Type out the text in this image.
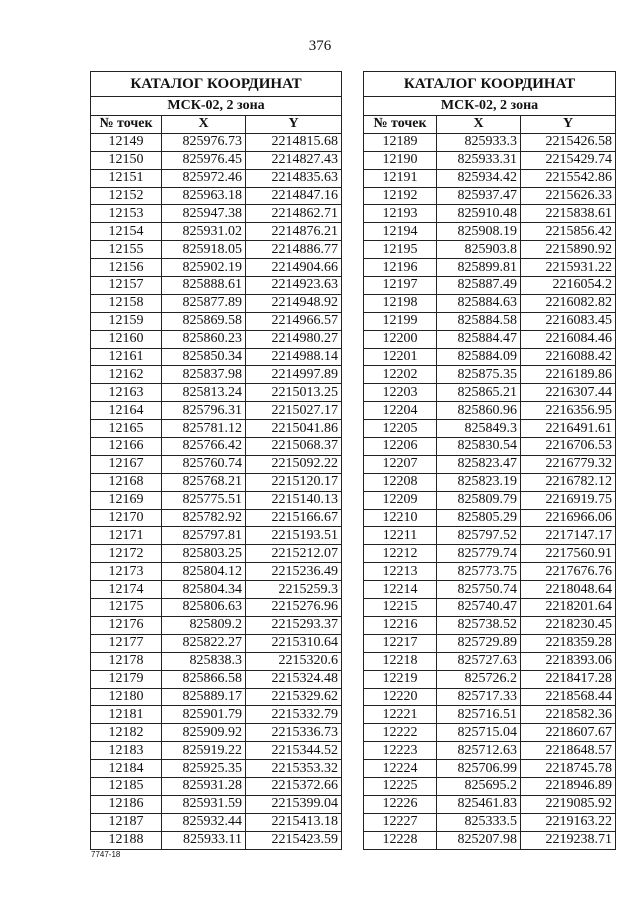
376
КАТАЛОГ КООРДИНАТ		
МСК-02, 2 зона		
№ точек	X	Y
12149	825976.73	2214815.68
12150	825976.45	2214827.43
12151	825972.46	2214835.63
12152	825963.18	2214847.16
12153	825947.38	2214862.71
12154	825931.02	2214876.21
12155	825918.05	2214886.77
12156	825902.19	2214904.66
12157	825888.61	2214923.63
12158	825877.89	2214948.92
12159	825869.58	2214966.57
12160	825860.23	2214980.27
12161	825850.34	2214988.14
12162	825837.98	2214997.89
12163	825813.24	2215013.25
12164	825796.31	2215027.17
12165	825781.12	2215041.86
12166	825766.42	2215068.37
12167	825760.74	2215092.22
12168	825768.21	2215120.17
12169	825775.51	2215140.13
12170	825782.92	2215166.67
12171	825797.81	2215193.51
12172	825803.25	2215212.07
12173	825804.12	2215236.49
12174	825804.34	2215259.3
12175	825806.63	2215276.96
12176	825809.2	2215293.37
12177	825822.27	2215310.64
12178	825838.3	2215320.6
12179	825866.58	2215324.48
12180	825889.17	2215329.62
12181	825901.79	2215332.79
12182	825909.92	2215336.73
12183	825919.22	2215344.52
12184	825925.35	2215353.32
12185	825931.28	2215372.66
12186	825931.59	2215399.04
12187	825932.44	2215413.18
12188	825933.11	2215423.59
КАТАЛОГ КООРДИНАТ		
МСК-02, 2 зона		
№ точек	X	Y
12189	825933.3	2215426.58
12190	825933.31	2215429.74
12191	825934.42	2215542.86
12192	825937.47	2215626.33
12193	825910.48	2215838.61
12194	825908.19	2215856.42
12195	825903.8	2215890.92
12196	825899.81	2215931.22
12197	825887.49	2216054.2
12198	825884.63	2216082.82
12199	825884.58	2216083.45
12200	825884.47	2216084.46
12201	825884.09	2216088.42
12202	825875.35	2216189.86
12203	825865.21	2216307.44
12204	825860.96	2216356.95
12205	825849.3	2216491.61
12206	825830.54	2216706.53
12207	825823.47	2216779.32
12208	825823.19	2216782.12
12209	825809.79	2216919.75
12210	825805.29	2216966.06
12211	825797.52	2217147.17
12212	825779.74	2217560.91
12213	825773.75	2217676.76
12214	825750.74	2218048.64
12215	825740.47	2218201.64
12216	825738.52	2218230.45
12217	825729.89	2218359.28
12218	825727.63	2218393.06
12219	825726.2	2218417.28
12220	825717.33	2218568.44
12221	825716.51	2218582.36
12222	825715.04	2218607.67
12223	825712.63	2218648.57
12224	825706.99	2218745.78
12225	825695.2	2218946.89
12226	825461.83	2219085.92
12227	825333.5	2219163.22
12228	825207.98	2219238.71
7747-18
